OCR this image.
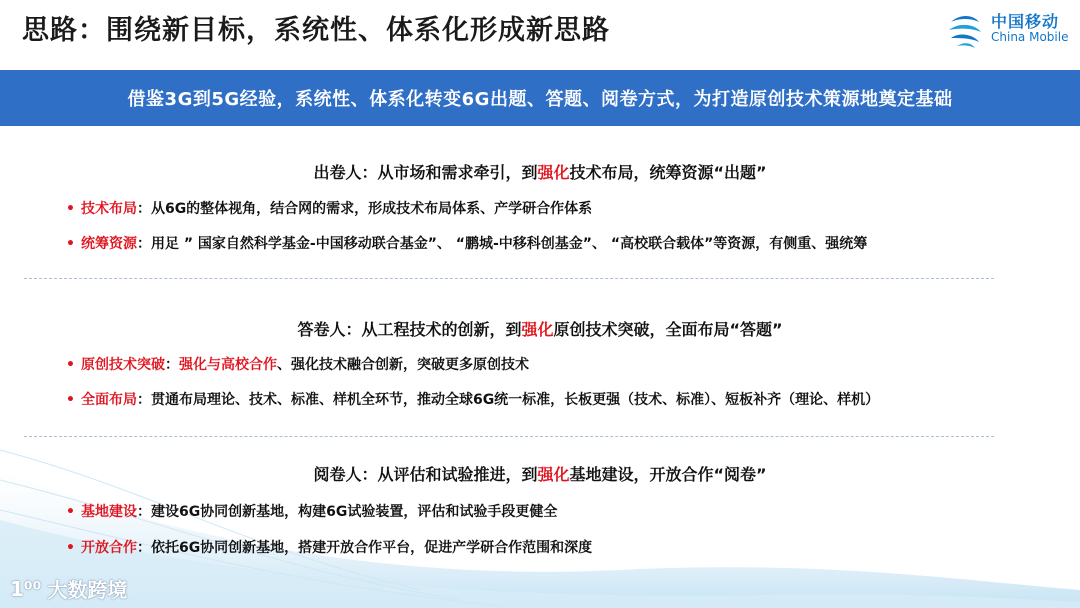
思路：围绕新目标，系统性、体系化形成新思路	中国移动
China Mobile
借鉴3G到5G经验，系统性、体系化转变6G出题、答题、阅卷方式，为打造原创技术策源地奠定基础
出卷人：从市场和需求牵引，到强化技术布局，统筹资源“出题”
• 技术布局：从6G的整体视角，结合网的需求，形成技术布局体系、产学研合作体系
• 统筹资源：用足 ” 国家自然科学基金-中国移动联合基金”、 “鹏城-中移科创基金”、 “高校联合载体”等资源，有侧重、强统筹
答卷人：从工程技术的创新，到强化原创技术突破，全面布局“答题”
• 原创技术突破：强化与高校合作、强化技术融合创新，突破更多原创技术
• 全面布局：贯通布局理论、技术、标准、样机全环节，推动全球6G统一标准，长板更强（技术、标准）、短板补齐（理论、样机）
阅卷人：从评估和试验推进，到强化基地建设，开放合作“阅卷”
• 基地建设：建设6G协同创新基地，构建6G试验装置，评估和试验手段更健全
• 开放合作：依托6G协同创新基地，搭建开放合作平台，促进产学研合作范围和深度
1⁰⁰ 大数跨境
